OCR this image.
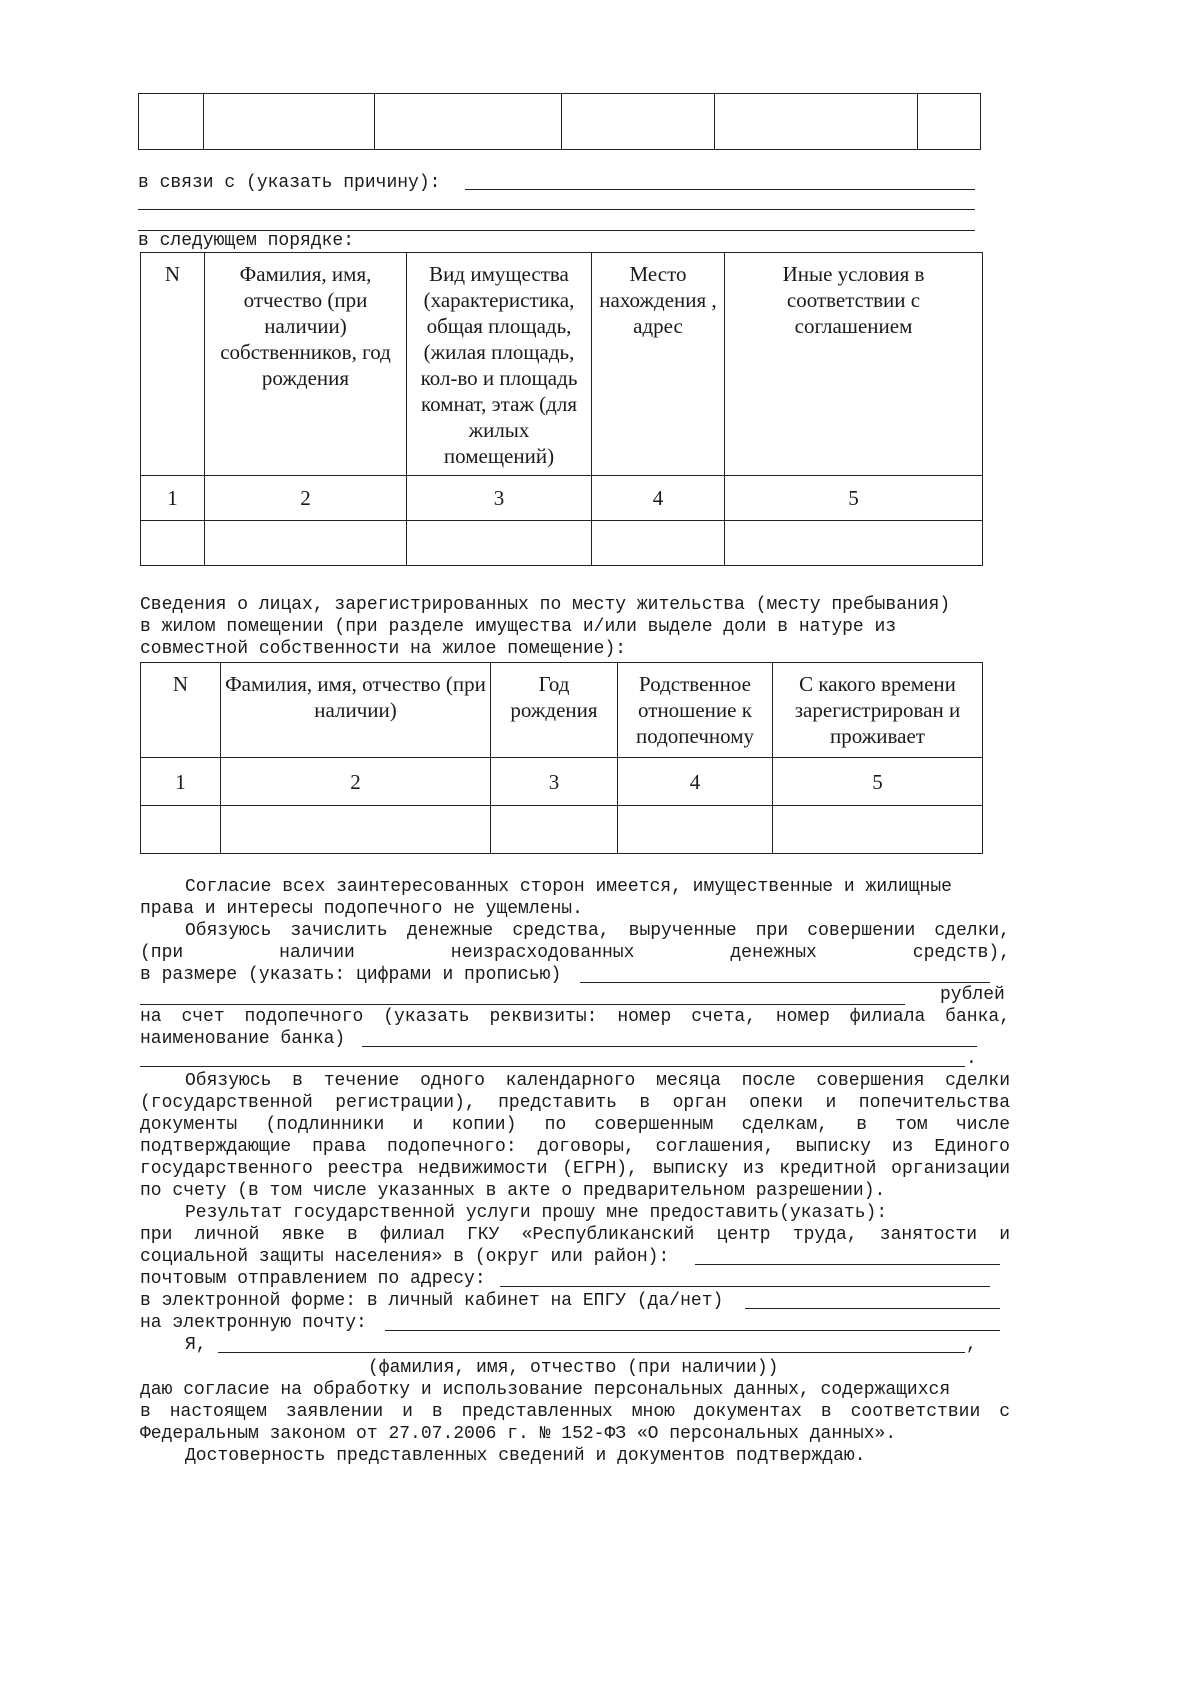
в связи с (указать причину):
в следующем порядке:
N	Фамилия, имя, отчество (при наличии) собственников, год рождения	Вид имущества (характеристика, общая площадь, (жилая площадь, кол-во и площадь комнат, этаж (для жилых помещений)	Место нахождения , адрес	Иные условия в соответствии с соглашением
1	2	3	4	5

Сведения о лицах, зарегистрированных по месту жительства (месту пребывания)
в жилом помещении (при разделе имущества и/или выделе доли в натуре из
совместной собственности на жилое помещение):
N	Фамилия, имя, отчество (при наличии)	Год рождения	Родственное отношение к подопечному	С какого времени зарегистрирован и проживает
1	2	3	4	5

Согласие всех заинтересованных сторон имеется, имущественные и жилищные
права и интересы подопечного не ущемлены.
Обязуюсь зачислить денежные средства, вырученные при совершении сделки,
(при наличии неизрасходованных денежных средств),
в размере (указать: цифрами и прописью)
рублей
на счет подопечного (указать реквизиты: номер счета, номер филиала банка,
наименование банка)
.
Обязуюсь в течение одного календарного месяца после совершения сделки
(государственной регистрации), представить в орган опеки и попечительства
документы (подлинники и копии) по совершенным сделкам, в том числе
подтверждающие права подопечного: договоры, соглашения, выписку из Единого
государственного реестра недвижимости (ЕГРН), выписку из кредитной организации
по счету (в том числе указанных в акте о предварительном разрешении).
Результат государственной услуги прошу мне предоставить(указать):
при личной явке в филиал ГКУ «Республиканский центр труда, занятости и
социальной защиты населения» в (округ или район):
почтовым отправлением по адресу:
в электронной форме: в личный кабинет на ЕПГУ (да/нет)
на электронную почту:
Я,	,
(фамилия, имя, отчество (при наличии))
даю согласие на обработку и использование персональных данных, содержащихся
в настоящем заявлении и в представленных мною документах в соответствии с
Федеральным законом от 27.07.2006 г. № 152-ФЗ «О персональных данных».
Достоверность представленных сведений и документов подтверждаю.
